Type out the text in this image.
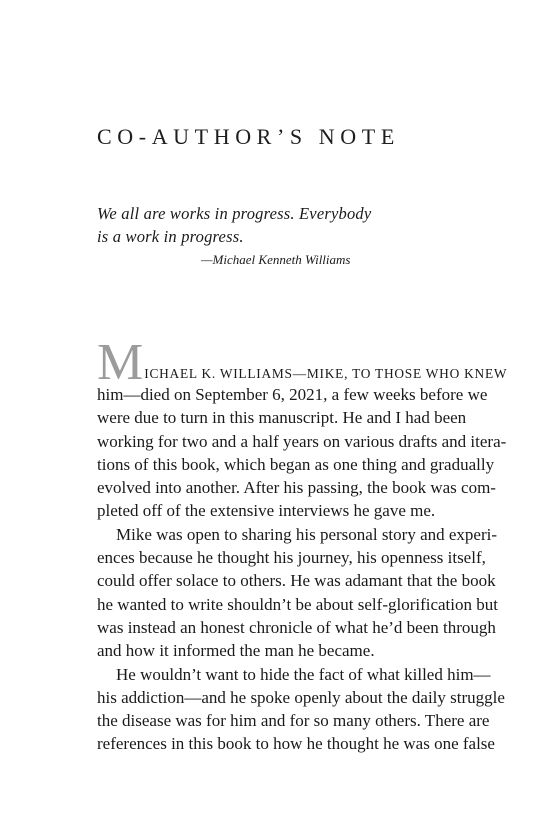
CO-AUTHOR’S NOTE
We all are works in progress. Everybody
is a work in progress.
—Michael Kenneth Williams
M ICHAEL K. WILLIAMS—MIKE, TO THOSE WHO KNEW
him—died on September 6, 2021, a few weeks before we
were due to turn in this manuscript. He and I had been
working for two and a half years on various drafts and itera-
tions of this book, which began as one thing and gradually
evolved into another. After his passing, the book was com-
pleted off of the extensive interviews he gave me.
Mike was open to sharing his personal story and experi-
ences because he thought his journey, his openness itself,
could offer solace to others. He was adamant that the book
he wanted to write shouldn’t be about self-glorification but
was instead an honest chronicle of what he’d been through
and how it informed the man he became.
He wouldn’t want to hide the fact of what killed him—
his addiction—and he spoke openly about the daily struggle
the disease was for him and for so many others. There are
references in this book to how he thought he was one false
